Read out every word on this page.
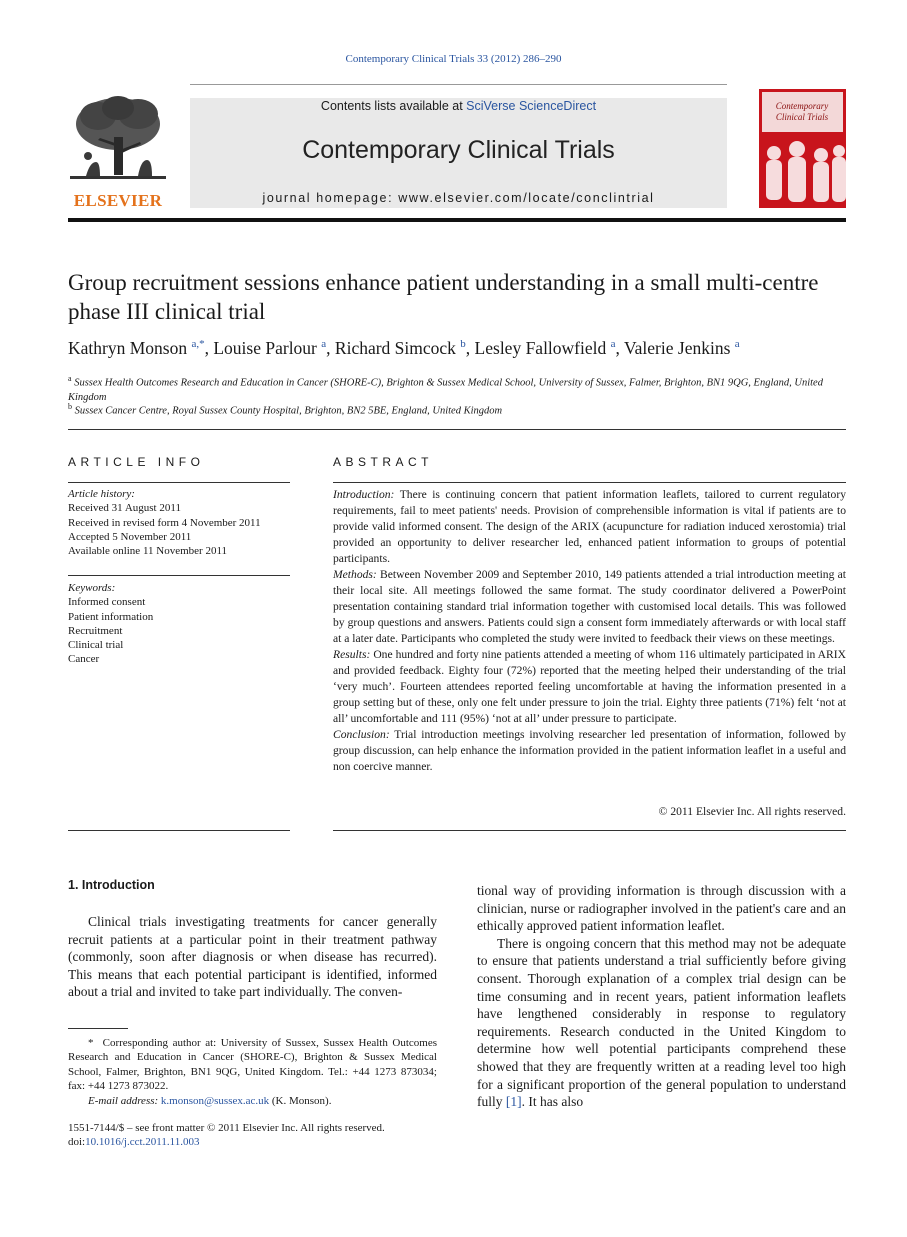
Contemporary Clinical Trials 33 (2012) 286–290
Contents lists available at SciVerse ScienceDirect
Contemporary Clinical Trials
journal homepage: www.elsevier.com/locate/conclintrial
ELSEVIER
Contemporary
Clinical Trials
Group recruitment sessions enhance patient understanding in a small multi-centre phase III clinical trial
Kathryn Monson $^{a,*}$, Louise Parlour $^a$, Richard Simcock $^b$, Lesley Fallowfield $^a$, Valerie Jenkins $^a$
$^a$ Sussex Health Outcomes Research and Education in Cancer (SHORE-C), Brighton & Sussex Medical School, University of Sussex, Falmer, Brighton, BN1 9QG, England, United Kingdom
$^b$ Sussex Cancer Centre, Royal Sussex County Hospital, Brighton, BN2 5BE, England, United Kingdom
ARTICLE INFO	ABSTRACT
Article history:
Received 31 August 2011
Received in revised form 4 November 2011
Accepted 5 November 2011
Available online 11 November 2011
Keywords:
Informed consent
Patient information
Recruitment
Clinical trial
Cancer

Introduction: There is continuing concern that patient information leaflets, tailored to current regulatory requirements, fail to meet patients' needs. Provision of comprehensible information is vital if patients are to provide valid informed consent. The design of the ARIX (acupuncture for radiation induced xerostomia) trial provided an opportunity to deliver researcher led, enhanced patient information to groups of potential participants.

Methods: Between November 2009 and September 2010, 149 patients attended a trial introduction meeting at their local site. All meetings followed the same format. The study coordinator delivered a PowerPoint presentation containing standard trial information together with customised local details. This was followed by group questions and answers. Patients could sign a consent form immediately afterwards or with local staff at a later date. Participants who completed the study were invited to feedback their views on these meetings.

Results: One hundred and forty nine patients attended a meeting of whom 116 ultimately participated in ARIX and provided feedback. Eighty four (72%) reported that the meeting helped their understanding of the trial ‘very much’. Fourteen attendees reported feeling uncomfortable at having the information presented in a group setting but of these, only one felt under pressure to join the trial. Eighty three patients (71%) felt ‘not at all’ uncomfortable and 111 (95%) ‘not at all’ under pressure to participate.

Conclusion: Trial introduction meetings involving researcher led presentation of information, followed by group discussion, can help enhance the information provided in the patient information leaflet in a useful and non coercive manner.

© 2011 Elsevier Inc. All rights reserved.
1. Introduction

Clinical trials investigating treatments for cancer generally recruit patients at a particular point in their treatment pathway (commonly, soon after diagnosis or when disease has recurred). This means that each potential participant is identified, informed about a trial and invited to take part individually. The conven-

tional way of providing information is through discussion with a clinician, nurse or radiographer involved in the patient's care and an ethically approved patient information leaflet.

There is ongoing concern that this method may not be adequate to ensure that patients understand a trial sufficiently before giving consent. Thorough explanation of a complex trial design can be time consuming and in recent years, patient information leaflets have lengthened considerably in response to regulatory requirements. Research conducted in the United Kingdom to determine how well potential participants comprehend these showed that they are frequently written at a reading level too high for a significant proportion of the general population to understand fully [1]. It has also

* Corresponding author at: University of Sussex, Sussex Health Outcomes Research and Education in Cancer (SHORE-C), Brighton & Sussex Medical School, Falmer, Brighton, BN1 9QG, United Kingdom. Tel.: +44 1273 873034; fax: +44 1273 873022.

E-mail address: k.monson@sussex.ac.uk (K. Monson).

1551-7144/$ – see front matter © 2011 Elsevier Inc. All rights reserved.
doi:10.1016/j.cct.2011.11.003
